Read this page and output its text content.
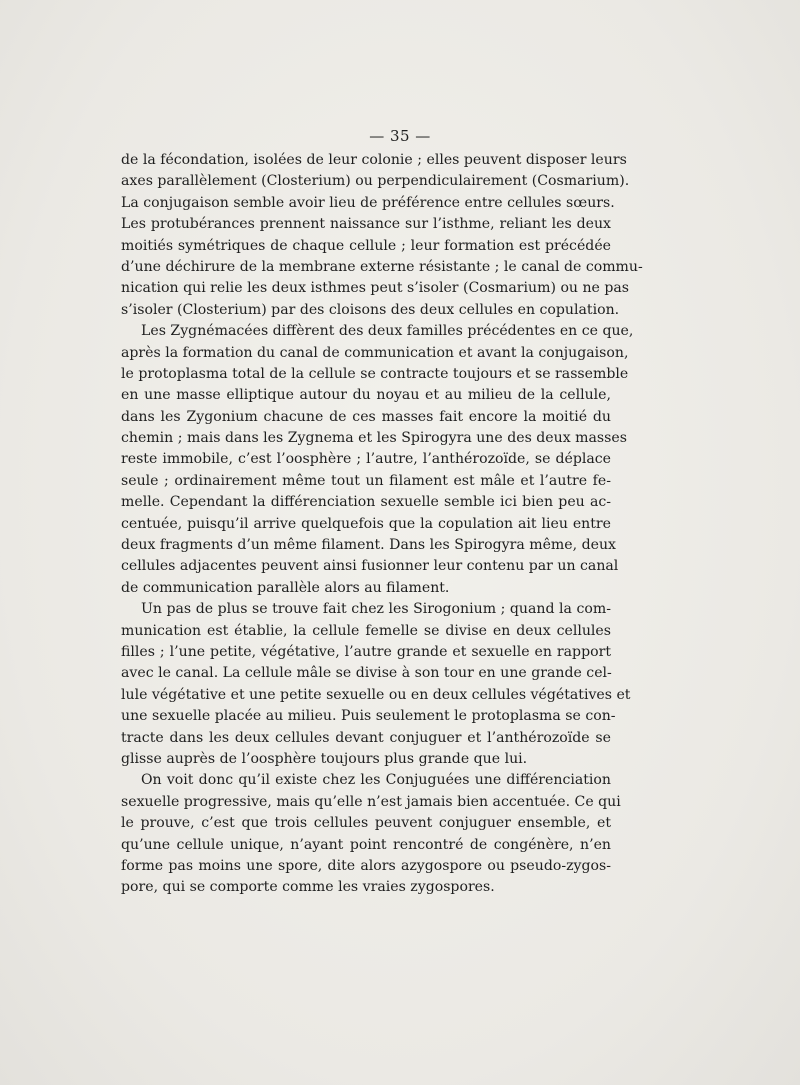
— 35 —

de la fécondation, isolées de leur colonie ; elles peuvent disposer leurs
axes parallèlement (Closterium) ou perpendiculairement (Cosmarium).
La conjugaison semble avoir lieu de préférence entre cellules sœurs.
Les protubérances prennent naissance sur l’isthme, reliant les deux
moitiés symétriques de chaque cellule ; leur formation est précédée
d’une déchirure de la membrane externe résistante ; le canal de commu-
nication qui relie les deux isthmes peut s’isoler (Cosmarium) ou ne pas
s’isoler (Closterium) par des cloisons des deux cellules en copulation.
Les Zygnémacées diffèrent des deux familles précédentes en ce que,
après la formation du canal de communication et avant la conjugaison,
le protoplasma total de la cellule se contracte toujours et se rassemble
en une masse elliptique autour du noyau et au milieu de la cellule,
dans les Zygonium chacune de ces masses fait encore la moitié du
chemin ; mais dans les Zygnema et les Spirogyra une des deux masses
reste immobile, c’est l’oosphère ; l’autre, l’anthérozoïde, se déplace
seule ; ordinairement même tout un filament est mâle et l’autre fe-
melle. Cependant la différenciation sexuelle semble ici bien peu ac-
centuée, puisqu’il arrive quelquefois que la copulation ait lieu entre
deux fragments d’un même filament. Dans les Spirogyra même, deux
cellules adjacentes peuvent ainsi fusionner leur contenu par un canal
de communication parallèle alors au filament.
Un pas de plus se trouve fait chez les Sirogonium ; quand la com-
munication est établie, la cellule femelle se divise en deux cellules
filles ; l’une petite, végétative, l’autre grande et sexuelle en rapport
avec le canal. La cellule mâle se divise à son tour en une grande cel-
lule végétative et une petite sexuelle ou en deux cellules végétatives et
une sexuelle placée au milieu. Puis seulement le protoplasma se con-
tracte dans les deux cellules devant conjuguer et l’anthérozoïde se
glisse auprès de l’oosphère toujours plus grande que lui.
On voit donc qu’il existe chez les Conjuguées une différenciation
sexuelle progressive, mais qu’elle n’est jamais bien accentuée. Ce qui
le prouve, c’est que trois cellules peuvent conjuguer ensemble, et
qu’une cellule unique, n’ayant point rencontré de congénère, n’en
forme pas moins une spore, dite alors azygospore ou pseudo-zygos-
pore, qui se comporte comme les vraies zygospores.
